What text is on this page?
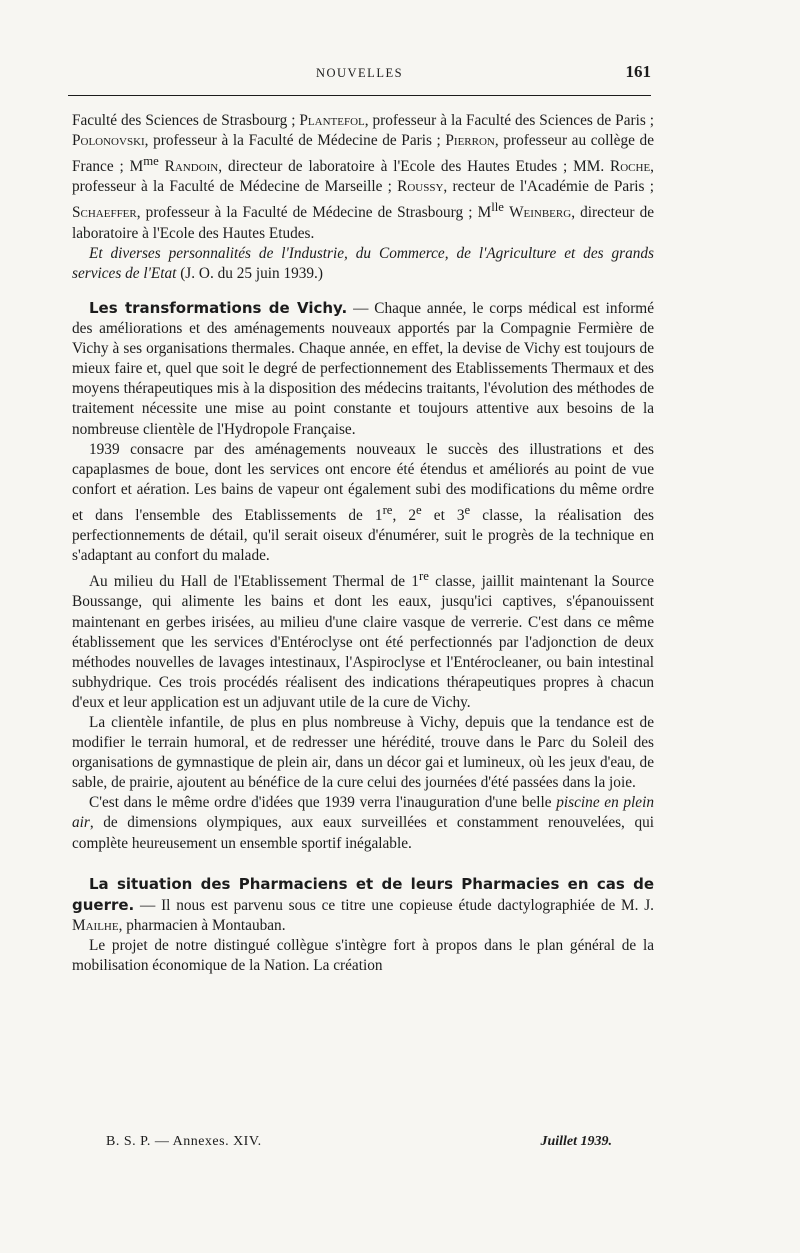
NOUVELLES	161

Faculté des Sciences de Strasbourg ; Plantefol, professeur à la Faculté des Sciences de Paris ; Polonovski, professeur à la Faculté de Médecine de Paris ; Pierron, professeur au collège de France ; $M^{me}$ Randoin, directeur de laboratoire à l'Ecole des Hautes Etudes ; MM. Roche, professeur à la Faculté de Médecine de Marseille ; Roussy, recteur de l'Académie de Paris ; Schaeffer, professeur à la Faculté de Médecine de Strasbourg ; $M^{lle}$ Weinberg, directeur de laboratoire à l'Ecole des Hautes Etudes.

Et diverses personnalités de l'Industrie, du Commerce, de l'Agriculture et des grands services de l'Etat (J. O. du 25 juin 1939.)

Les transformations de Vichy. — Chaque année, le corps médical est informé des améliorations et des aménagements nouveaux apportés par la Compagnie Fermière de Vichy à ses organisations thermales. Chaque année, en effet, la devise de Vichy est toujours de mieux faire et, quel que soit le degré de perfectionnement des Etablissements Thermaux et des moyens thérapeutiques mis à la disposition des médecins traitants, l'évolution des méthodes de traitement nécessite une mise au point constante et toujours attentive aux besoins de la nombreuse clientèle de l'Hydropole Française.

1939 consacre par des aménagements nouveaux le succès des illustrations et des capaplasmes de boue, dont les services ont encore été étendus et améliorés au point de vue confort et aération. Les bains de vapeur ont également subi des modifications du même ordre et dans l'ensemble des Etablissements de 1re, 2e et 3e classe, la réalisation des perfectionnements de détail, qu'il serait oiseux d'énumérer, suit le progrès de la technique en s'adaptant au confort du malade.

Au milieu du Hall de l'Etablissement Thermal de 1re classe, jaillit maintenant la Source Boussange, qui alimente les bains et dont les eaux, jusqu'ici captives, s'épanouissent maintenant en gerbes irisées, au milieu d'une claire vasque de verrerie. C'est dans ce même établissement que les services d'Entéroclyse ont été perfectionnés par l'adjonction de deux méthodes nouvelles de lavages intestinaux, l'Aspiroclyse et l'Entérocleaner, ou bain intestinal subhydrique. Ces trois procédés réalisent des indications thérapeutiques propres à chacun d'eux et leur application est un adjuvant utile de la cure de Vichy.

La clientèle infantile, de plus en plus nombreuse à Vichy, depuis que la tendance est de modifier le terrain humoral, et de redresser une hérédité, trouve dans le Parc du Soleil des organisations de gymnastique de plein air, dans un décor gai et lumineux, où les jeux d'eau, de sable, de prairie, ajoutent au bénéfice de la cure celui des journées d'été passées dans la joie.

C'est dans le même ordre d'idées que 1939 verra l'inauguration d'une belle piscine en plein air, de dimensions olympiques, aux eaux surveillées et constamment renouvelées, qui complète heureusement un ensemble sportif inégalable.

La situation des Pharmaciens et de leurs Pharmacies en cas de guerre. — Il nous est parvenu sous ce titre une copieuse étude dactylographiée de M. J. Mailhe, pharmacien à Montauban.

Le projet de notre distingué collègue s'intègre fort à propos dans le plan général de la mobilisation économique de la Nation. La création

B. S. P. — Annexes. XIV.	Juillet 1939.
